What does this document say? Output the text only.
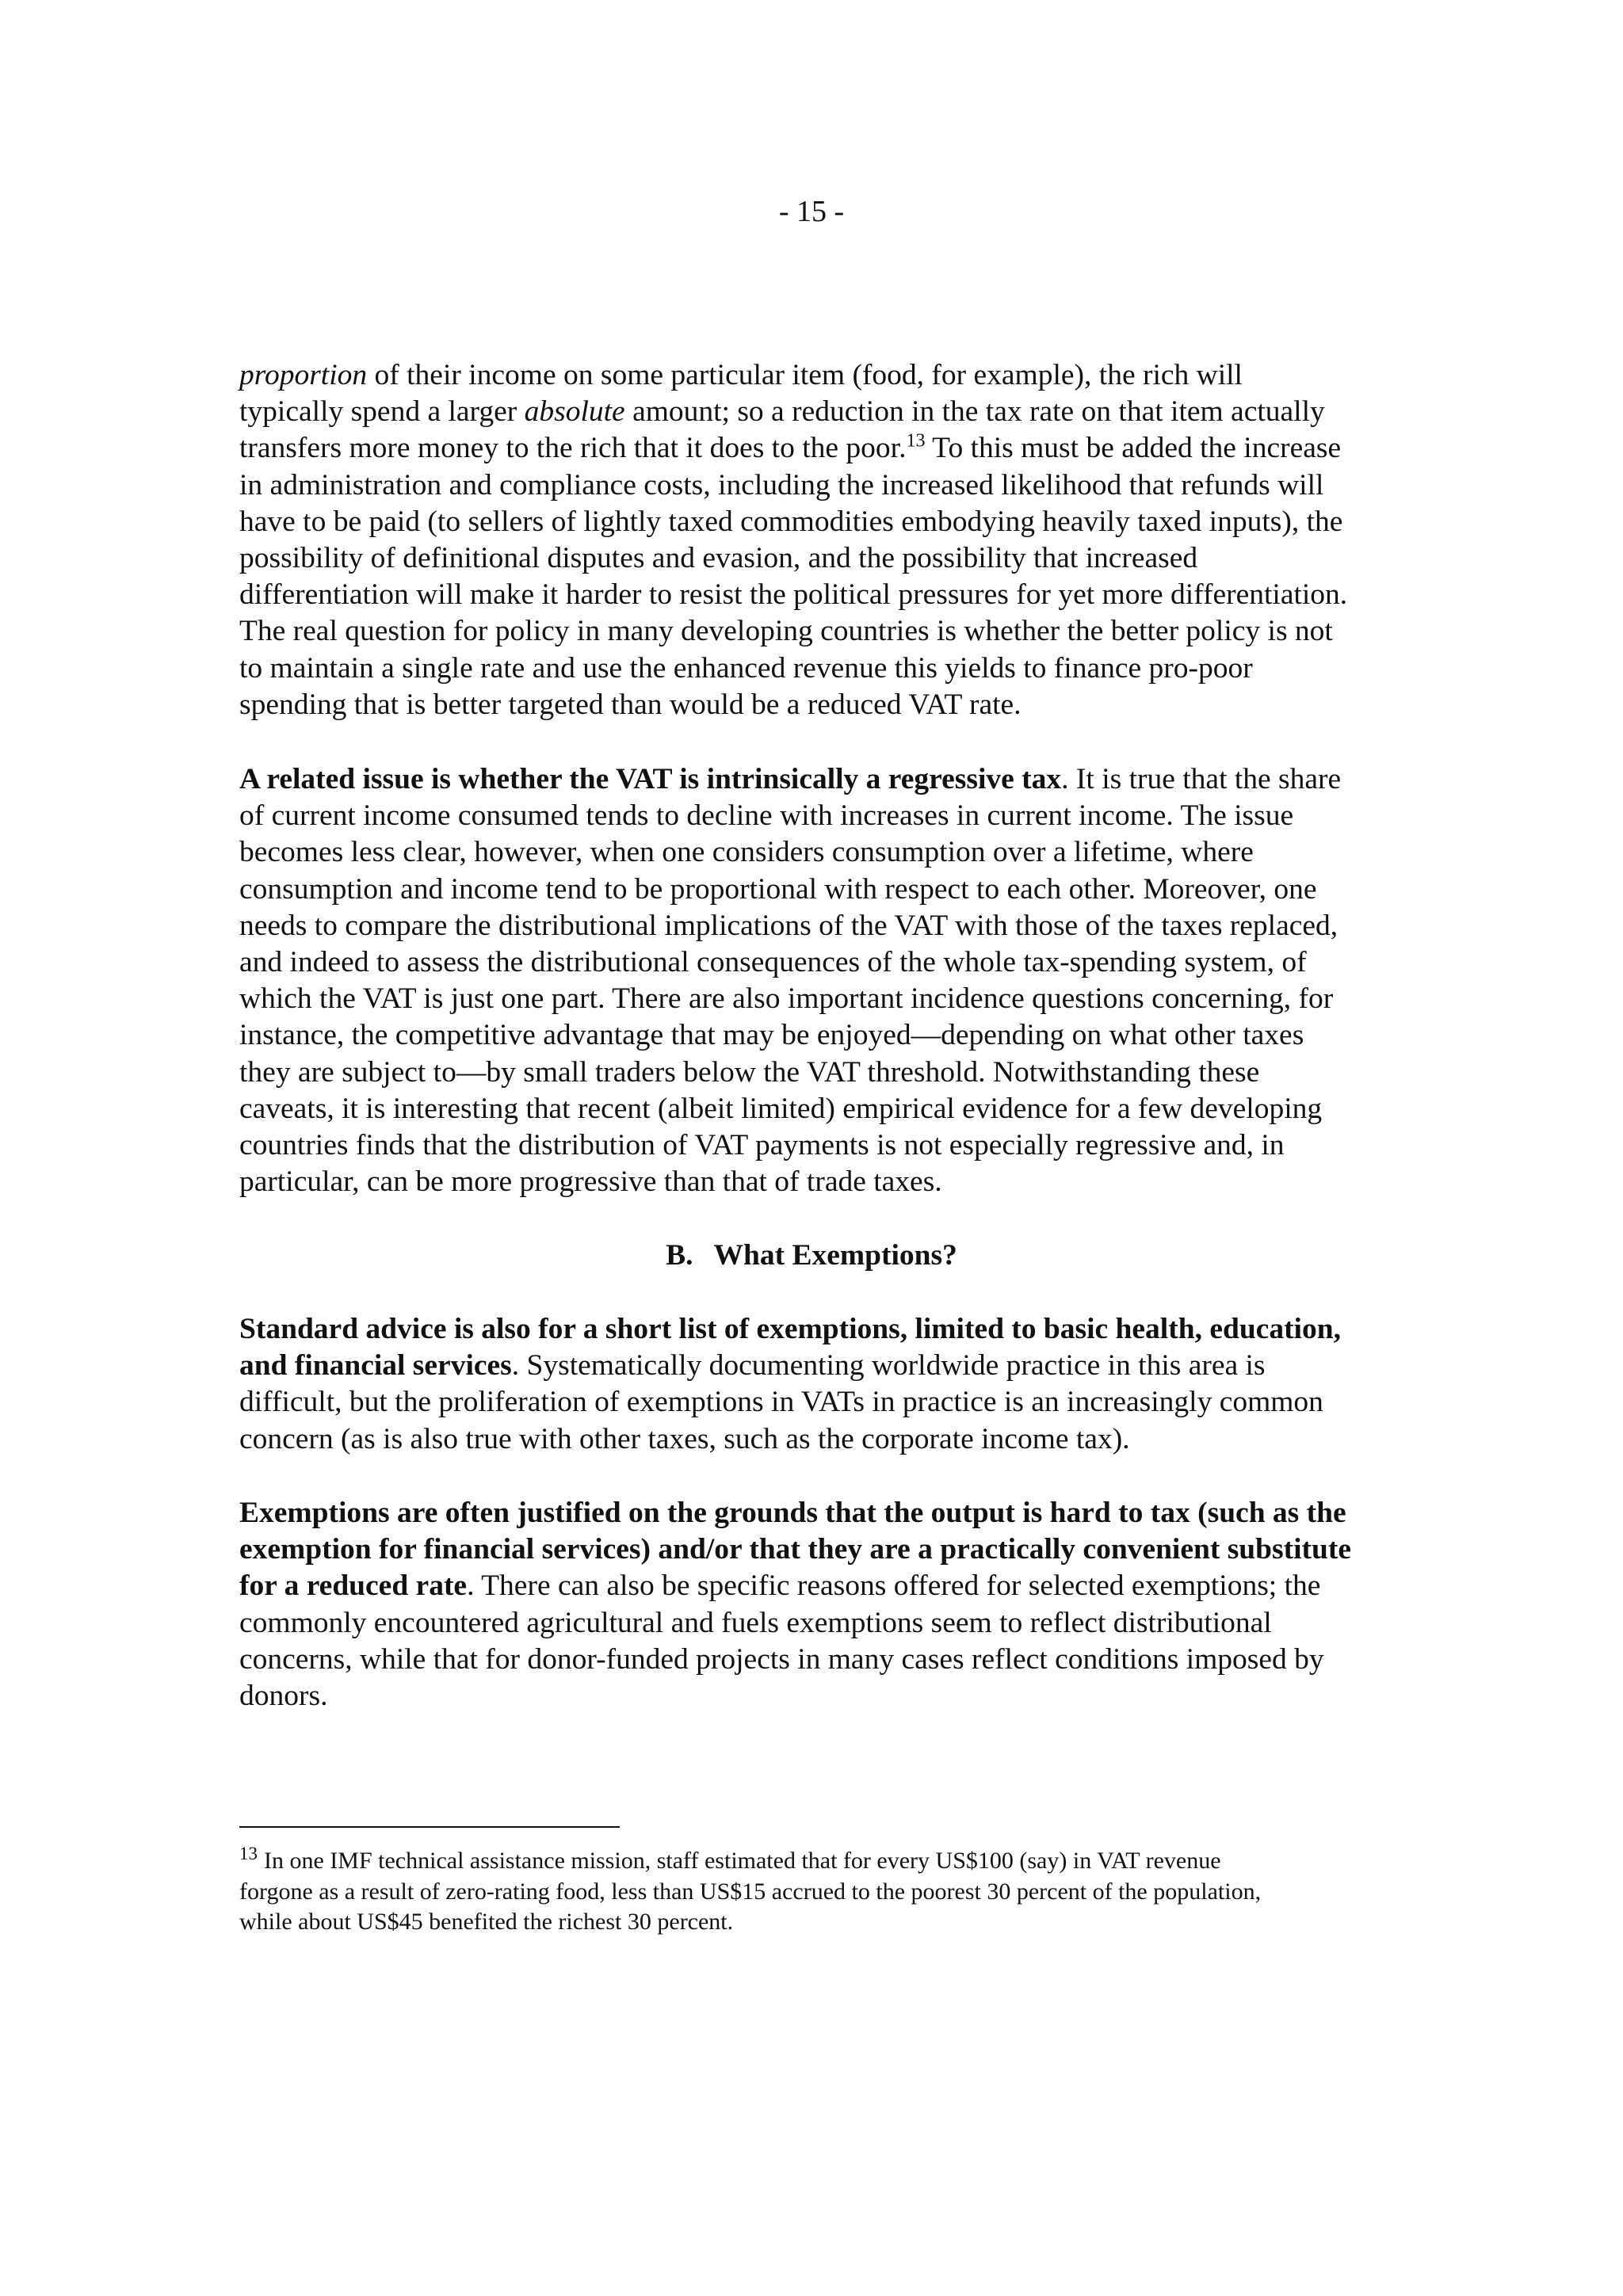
- 15 -

proportion of their income on some particular item (food, for example), the rich will
typically spend a larger absolute amount; so a reduction in the tax rate on that item actually
transfers more money to the rich that it does to the poor.$^{13}$ To this must be added the increase
in administration and compliance costs, including the increased likelihood that refunds will
have to be paid (to sellers of lightly taxed commodities embodying heavily taxed inputs), the
possibility of definitional disputes and evasion, and the possibility that increased
differentiation will make it harder to resist the political pressures for yet more differentiation.
The real question for policy in many developing countries is whether the better policy is not
to maintain a single rate and use the enhanced revenue this yields to finance pro-poor
spending that is better targeted than would be a reduced VAT rate.

A related issue is whether the VAT is intrinsically a regressive tax. It is true that the share
of current income consumed tends to decline with increases in current income. The issue
becomes less clear, however, when one considers consumption over a lifetime, where
consumption and income tend to be proportional with respect to each other. Moreover, one
needs to compare the distributional implications of the VAT with those of the taxes replaced,
and indeed to assess the distributional consequences of the whole tax-spending system, of
which the VAT is just one part. There are also important incidence questions concerning, for
instance, the competitive advantage that may be enjoyed—depending on what other taxes
they are subject to—by small traders below the VAT threshold. Notwithstanding these
caveats, it is interesting that recent (albeit limited) empirical evidence for a few developing
countries finds that the distribution of VAT payments is not especially regressive and, in
particular, can be more progressive than that of trade taxes.

B. What Exemptions?

Standard advice is also for a short list of exemptions, limited to basic health, education,
and financial services. Systematically documenting worldwide practice in this area is
difficult, but the proliferation of exemptions in VATs in practice is an increasingly common
concern (as is also true with other taxes, such as the corporate income tax).

Exemptions are often justified on the grounds that the output is hard to tax (such as the
exemption for financial services) and/or that they are a practically convenient substitute
for a reduced rate. There can also be specific reasons offered for selected exemptions; the
commonly encountered agricultural and fuels exemptions seem to reflect distributional
concerns, while that for donor-funded projects in many cases reflect conditions imposed by
donors.

$^{13}$ In one IMF technical assistance mission, staff estimated that for every US$100 (say) in VAT revenue
forgone as a result of zero-rating food, less than US$15 accrued to the poorest 30 percent of the population,
while about US$45 benefited the richest 30 percent.
